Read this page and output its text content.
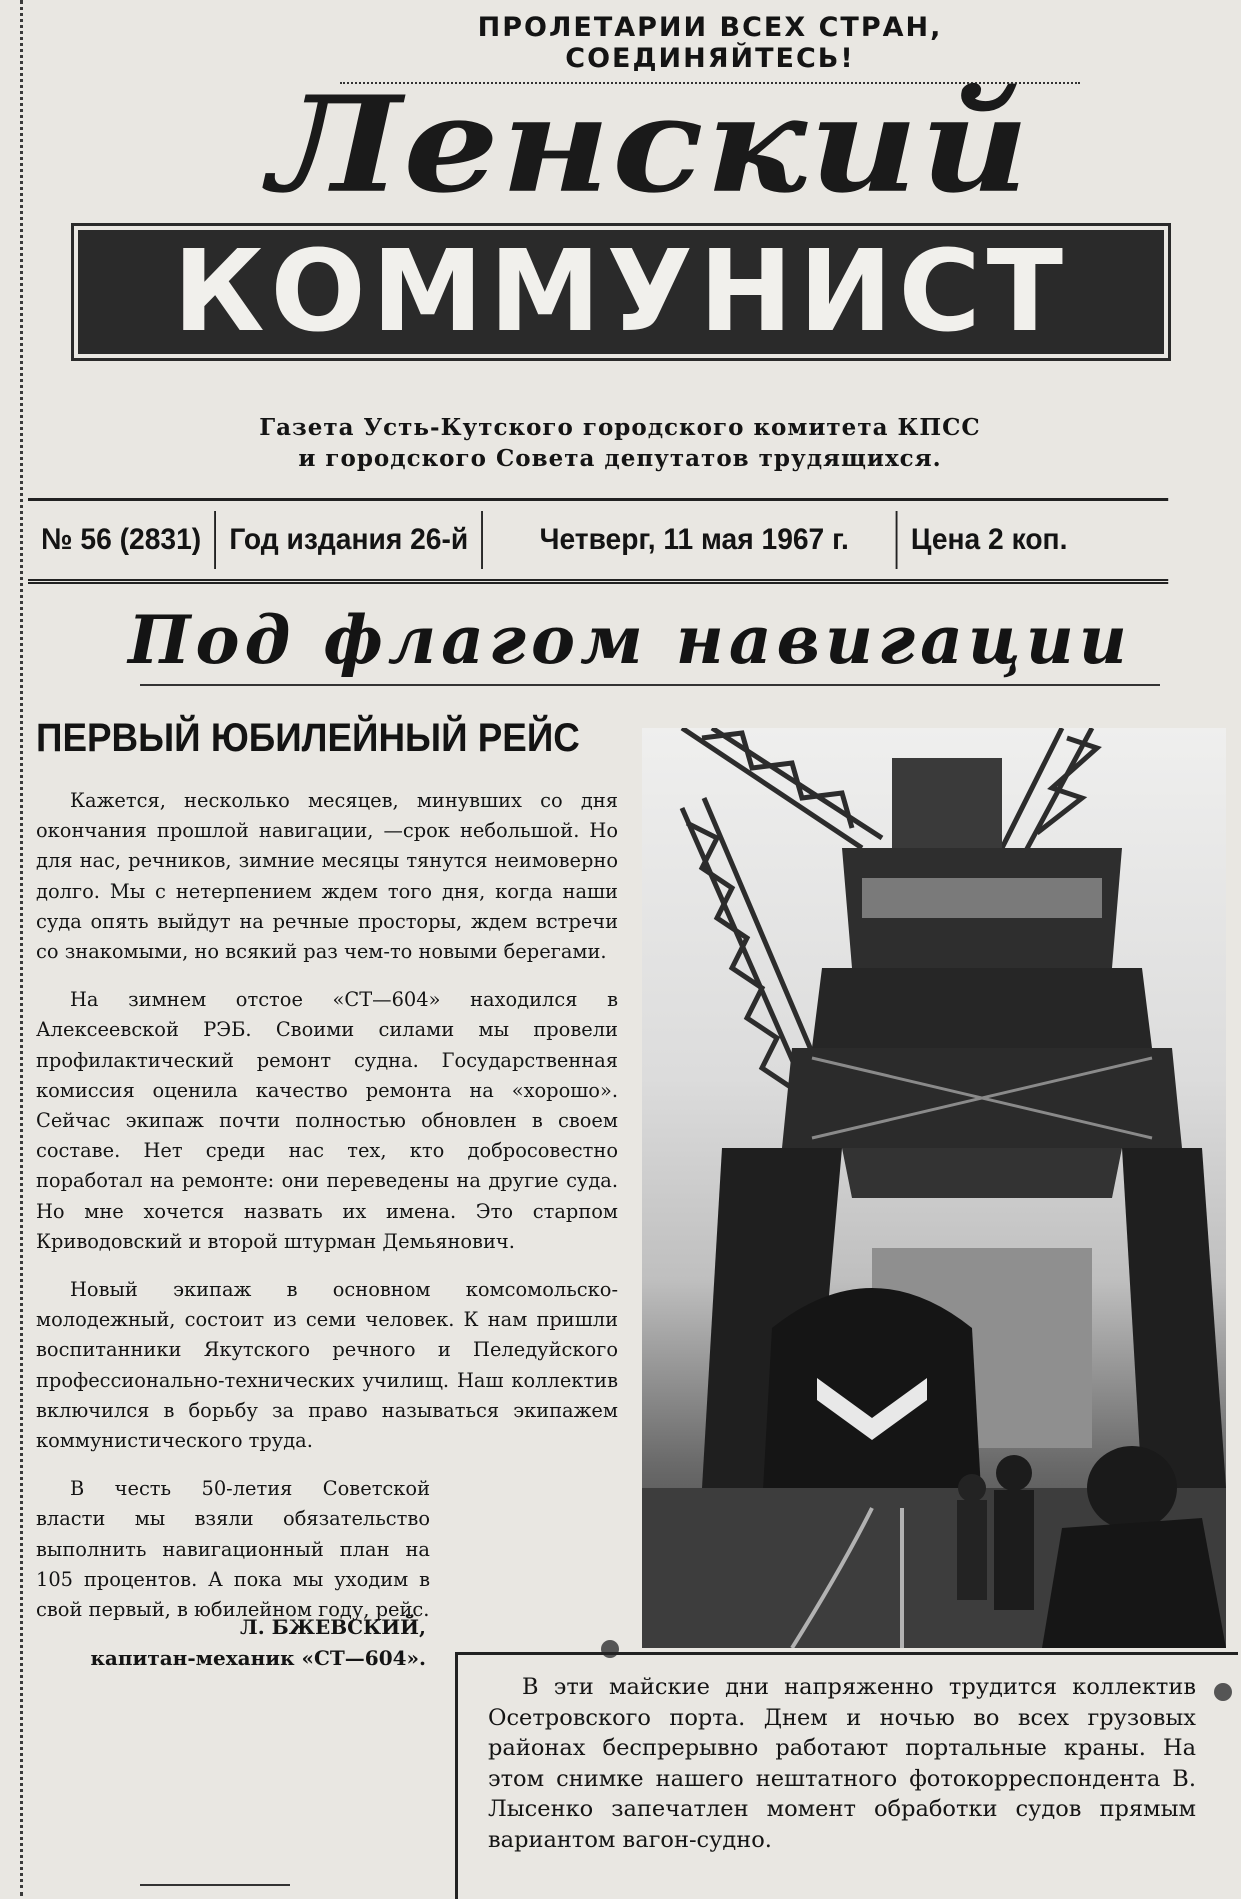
ПРОЛЕТАРИИ ВСЕХ СТРАН, СОЕДИНЯЙТЕСЬ!
Ленский
КОММУНИСТ
Газета Усть-Кутского городского комитета КПСС
и городского Совета депутатов трудящихся.
№ 56 (2831) Год издания 26-й	Четверг, 11 мая 1967 г.	Цена 2 коп.
Под флагом навигации
ПЕРВЫЙ ЮБИЛЕЙНЫЙ РЕЙС

Кажется, несколько месяцев, минувших со дня окончания прошлой навигации, —срок небольшой. Но для нас, речников, зимние месяцы тянутся неимоверно долго. Мы с нетерпением ждем того дня, когда наши суда опять выйдут на речные просторы, ждем встречи со знакомыми, но всякий раз чем-то новыми берегами.

На зимнем отстое «СТ—604» находился в Алексеевской РЭБ. Своими силами мы провели профилактический ремонт судна. Государственная комиссия оценила качество ремонта на «хорошо». Сейчас экипаж почти полностью обновлен в своем составе. Нет среди нас тех, кто добросовестно поработал на ремонте: они переведены на другие суда. Но мне хочется назвать их имена. Это старпом Криводовский и второй штурман Демьянович.

Новый экипаж в основном комсомольско-молодежный, состоит из семи человек. К нам пришли воспитанники Якутского речного и Пеледуйского профессионально-технических училищ. Наш коллектив включился в борьбу за право называться экипажем коммунистического труда.

В честь 50-летия Советской власти мы взяли обязательство выполнить навигационный план на 105 процентов. А пока мы уходим в свой первый, в юбилейном году, рейс.

Л. БЖЕВСКИЙ,
капитан-механик «СТ—604».
В эти майские дни напряженно трудится коллектив Осетровского порта. Днем и ночью во всех грузовых районах беспрерывно работают портальные краны. На этом снимке нашего нештатного фотокорреспондента В. Лысенко запечатлен момент обработки судов прямым вариантом вагон-судно.
